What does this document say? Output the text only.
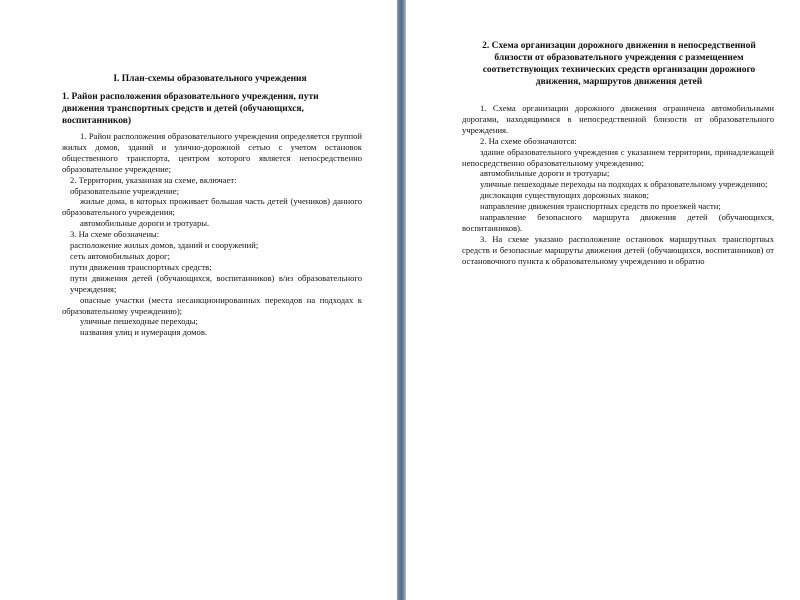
I. План-схемы образовательного учреждения
1. Район расположения образовательного учреждения, пути движения транспортных средств и детей (обучающихся, воспитанников)

1. Район расположения образовательного учреждения определяется группой жилых домов, зданий и улично-дорожной сетью с учетом остановок общественного транспорта, центром которого является непосредственно образовательное учреждение;

2. Территория, указанная на схеме, включает:

образовательное учреждение;

жилые дома, в которых проживает большая часть детей (учеников) данного образовательного учреждения;

автомобильные дороги и тротуары.

3. На схеме обозначены:

расположение жилых домов, зданий и сооружений;

сеть автомобильных дорог;

пути движения транспортных средств;

пути движения детей (обучающихся, воспитанников) в/из образовательного учреждения;

опасные участки (места несанкционированных переходов на подходах к образовательному учреждению);

уличные пешеходные переходы;

названия улиц и нумерация домов.

2. Схема организации дорожного движения в непосредственной близости от образовательного учреждения с размещением соответствующих технических средств организации дорожного движения, маршрутов движения детей

1. Схема организации дорожного движения ограничена автомобильными дорогами, находящимися в непосредственной близости от образовательного учреждения.

2. На схеме обозначаются:

здание образовательного учреждения с указанием территории, принадлежащей непосредственно образовательному учреждению;

автомобильные дороги и тротуары;

уличные пешеходные переходы на подходах к образовательному учреждению;

дислокация существующих дорожных знаков;

направление движения транспортных средств по проезжей части;

направление безопасного маршрута движения детей (обучающихся, воспитанников).

3. На схеме указано расположение остановок маршрутных транспортных средств и безопасные маршруты движения детей (обучающихся, воспитанников) от остановочного пункта к образовательному учреждению и обратно
